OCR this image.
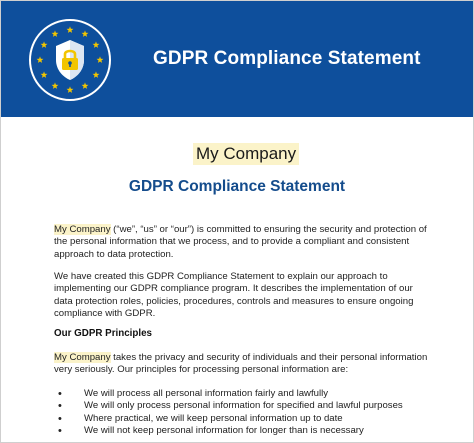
GDPR Compliance Statement
My Company
GDPR Compliance Statement
My Company (“we”, “us” or “our”) is committed to ensuring the security and protection of the personal information that we process, and to provide a compliant and consistent approach to data protection.
We have created this GDPR Compliance Statement to explain our approach to implementing our GDPR compliance program. It describes the implementation of our data protection roles, policies, procedures, controls and measures to ensure ongoing compliance with GDPR.
Our GDPR Principles
My Company takes the privacy and security of individuals and their personal information very seriously. Our principles for processing personal information are:
• We will process all personal information fairly and lawfully
• We will only process personal information for specified and lawful purposes
• Where practical, we will keep personal information up to date
• We will not keep personal information for longer than is necessary
